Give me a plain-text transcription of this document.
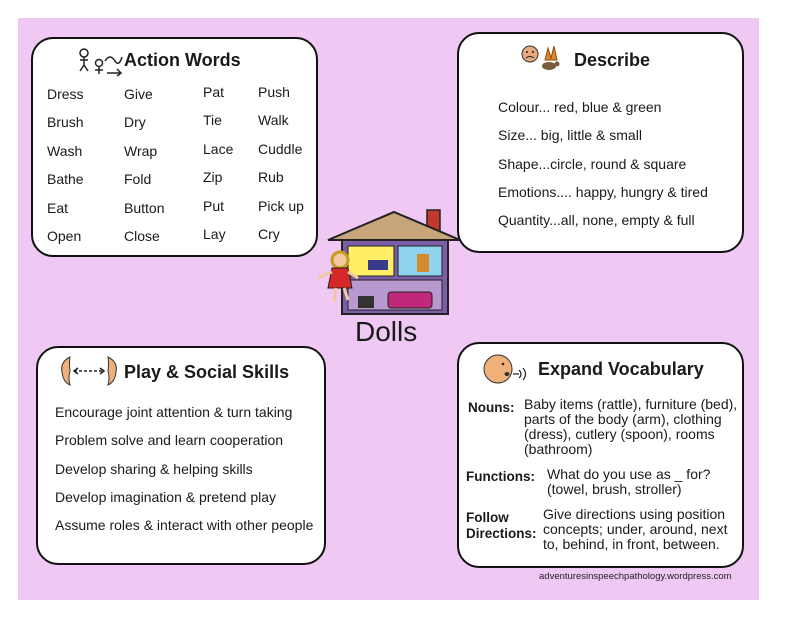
Action Words
Dress
Brush
Wash
Bathe
Eat
Open
Give
Dry
Wrap
Fold
Button
Close
Pat
Tie
Lace
Zip
Put
Lay
Push
Walk
Cuddle
Rub
Pick up
Cry
Describe
Colour... red, blue & green
Size... big, little & small
Shape...circle, round & square
Emotions.... happy, hungry & tired
Quantity...all, none, empty & full
Dolls
Play & Social Skills
Encourage joint attention & turn taking
Problem solve and learn cooperation
Develop sharing & helping skills
Develop imagination & pretend play
Assume roles & interact with other people
Expand Vocabulary
Nouns: Baby items (rattle), furniture (bed),
parts of the body (arm), clothing
(dress), cutlery (spoon), rooms
(bathroom)
Functions: What do you use as _ for?
(towel, brush, stroller)
Follow
Directions:
Give directions using position
concepts; under, around, next
to, behind, in front, between.
adventuresinspeechpathology.wordpress.com
